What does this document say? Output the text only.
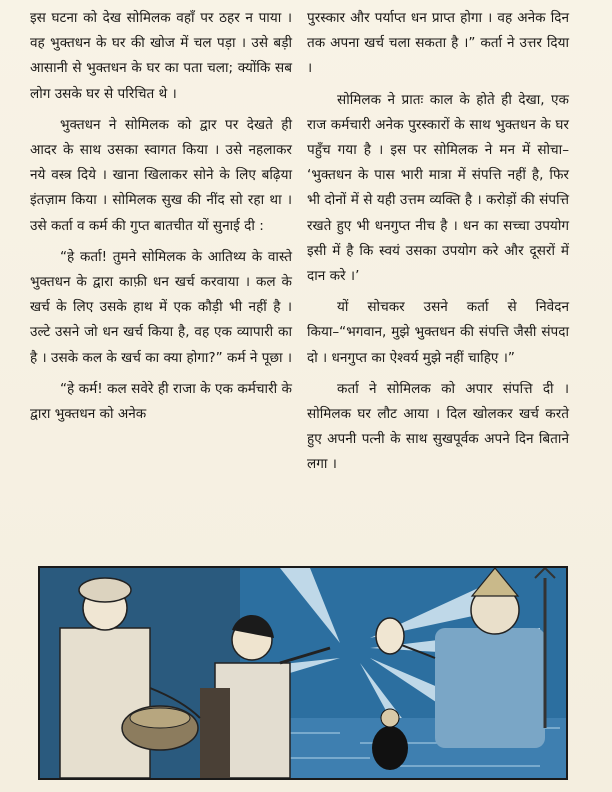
इस घटना को देख सोमिलक वहाँ पर ठहर न पाया । वह भुक्तधन के घर की खोज में चल पड़ा । उसे बड़ी आसानी से भुक्तधन के घर का पता चला; क्योंकि सब लोग उसके घर से परिचित थे ।

भुक्तधन ने सोमिलक को द्वार पर देखते ही आदर के साथ उसका स्वागत किया । उसे नहलाकर नये वस्त्र दिये । खाना खिलाकर सोने के लिए बढ़िया इंतज़ाम किया । सोमिलक सुख की नींद सो रहा था । उसे कर्ता व कर्म की गुप्त बातचीत यों सुनाई दी :

“हे कर्ता! तुमने सोमिलक के आतिथ्य के वास्ते भुक्तधन के द्वारा काफ़ी धन खर्च करवाया । कल के खर्च के लिए उसके हाथ में एक कौड़ी भी नहीं है । उल्टे उसने जो धन खर्च किया है, वह एक व्यापारी का है । उसके कल के खर्च का क्या होगा?” कर्म ने पूछा ।

“हे कर्म! कल सवेरे ही राजा के एक कर्मचारी के द्वारा भुक्तधन को अनेक

पुरस्कार और पर्याप्त धन प्राप्त होगा । वह अनेक दिन तक अपना खर्च चला सकता है ।” कर्ता ने उत्तर दिया ।

सोमिलक ने प्रातः काल के होते ही देखा, एक राज कर्मचारी अनेक पुरस्कारों के साथ भुक्तधन के घर पहुँच गया है । इस पर सोमिलक ने मन में सोचा– ‘भुक्तधन के पास भारी मात्रा में संपत्ति नहीं है, फिर भी दोनों में से यही उत्तम व्यक्ति है । करोड़ों की संपत्ति रखते हुए भी धनगुप्त नीच है । धन का सच्चा उपयोग इसी में है कि स्वयं उसका उपयोग करे और दूसरों में दान करे ।’

यों सोचकर उसने कर्ता से निवेदन किया–“भगवान, मुझे भुक्तधन की संपत्ति जैसी संपदा दो । धनगुप्त का ऐश्वर्य मुझे नहीं चाहिए ।”

कर्ता ने सोमिलक को अपार संपत्ति दी । सोमिलक घर लौट आया । दिल खोलकर खर्च करते हुए अपनी पत्नी के साथ सुखपूर्वक अपने दिन बिताने लगा ।
